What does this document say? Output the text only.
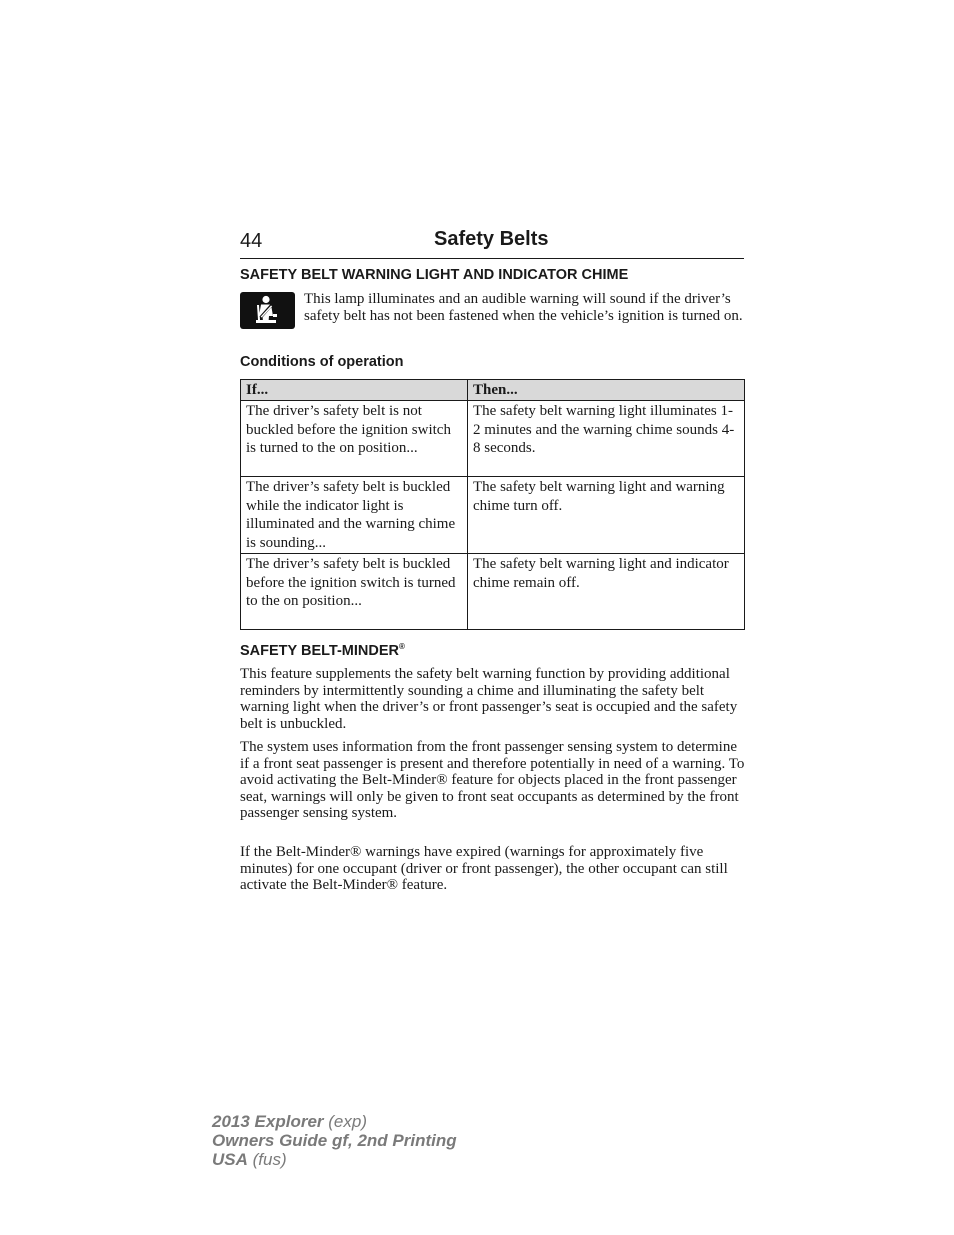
44	Safety Belts
SAFETY BELT WARNING LIGHT AND INDICATOR CHIME
This lamp illuminates and an audible warning will sound if the driver’s safety belt has not been fastened when the vehicle’s ignition is turned on.
Conditions of operation
If...	Then...
The driver’s safety belt is not buckled before the ignition switch is turned to the on position...	The safety belt warning light illuminates 1-2 minutes and the warning chime sounds 4-8 seconds.
The driver’s safety belt is buckled while the indicator light is illuminated and the warning chime is sounding...	The safety belt warning light and warning chime turn off.
The driver’s safety belt is buckled before the ignition switch is turned to the on position...	The safety belt warning light and indicator chime remain off.
SAFETY BELT-MINDER®

This feature supplements the safety belt warning function by providing additional reminders by intermittently sounding a chime and illuminating the safety belt warning light when the driver’s or front passenger’s seat is occupied and the safety belt is unbuckled.

The system uses information from the front passenger sensing system to determine if a front seat passenger is present and therefore potentially in need of a warning. To avoid activating the Belt-Minder® feature for objects placed in the front passenger seat, warnings will only be given to front seat occupants as determined by the front passenger sensing system.

If the Belt-Minder® warnings have expired (warnings for approximately five minutes) for one occupant (driver or front passenger), the other occupant can still activate the Belt-Minder® feature.

2013 Explorer (exp)
Owners Guide gf, 2nd Printing
USA (fus)
